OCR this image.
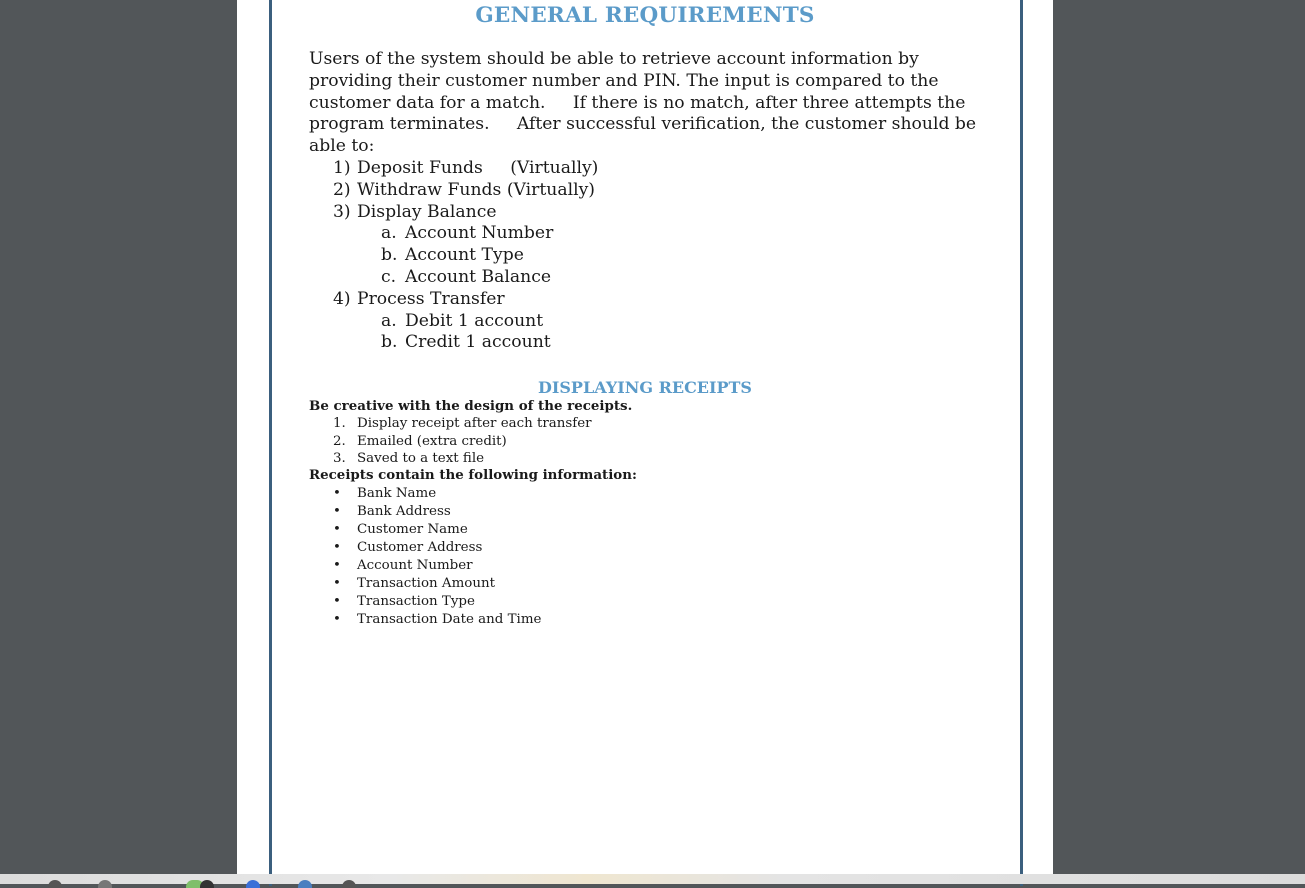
GENERAL REQUIREMENTS
Users of the system should be able to retrieve account information by providing their customer number and PIN. The input is compared to the customer data for a match.     If there is no match, after three attempts the program terminates.     After successful verification, the customer should be able to:
1) Deposit Funds     (Virtually)
2) Withdraw Funds (Virtually)
3) Display Balance
a. Account Number
b. Account Type
c. Account Balance
4) Process Transfer
a. Debit 1 account
b. Credit 1 account
DISPLAYING RECEIPTS
Be creative with the design of the receipts.
1. Display receipt after each transfer
2. Emailed (extra credit)
3. Saved to a text file
Receipts contain the following information:
• Bank Name
• Bank Address
• Customer Name
• Customer Address
• Account Number
• Transaction Amount
• Transaction Type
• Transaction Date and Time
